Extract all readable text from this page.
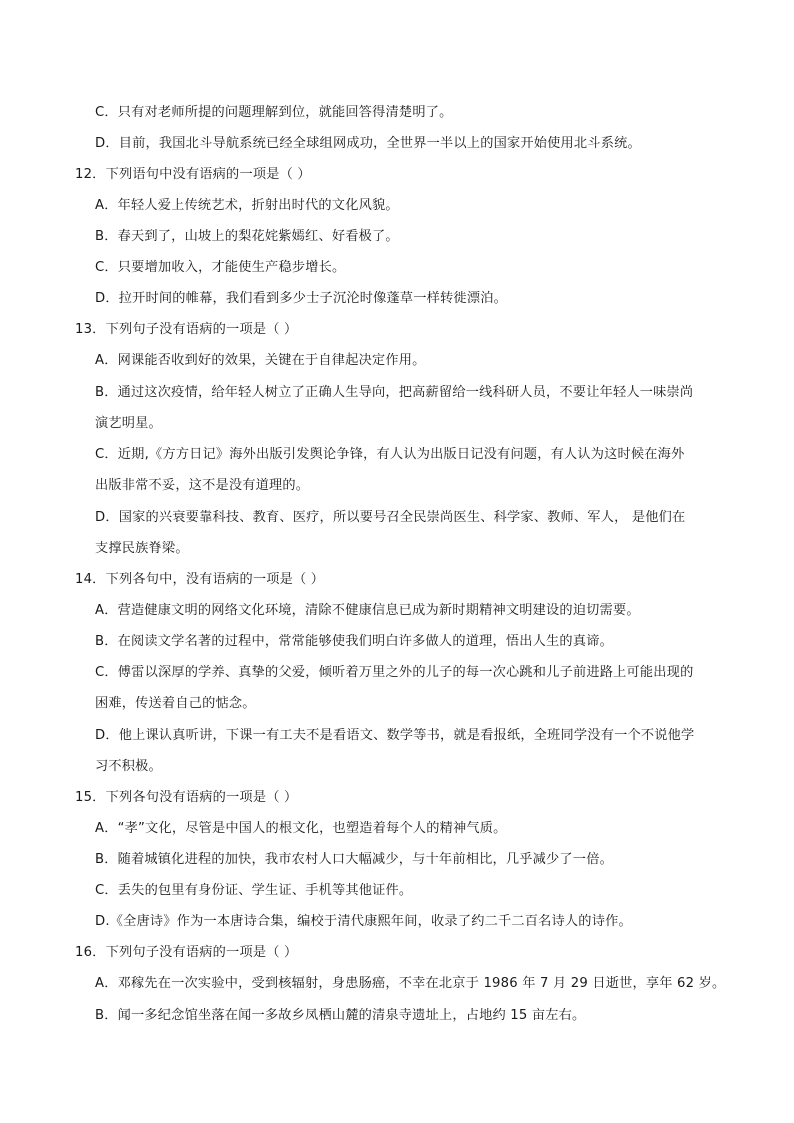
C．只有对老师所提的问题理解到位，就能回答得清楚明了。
D．目前，我国北斗导航系统已经全球组网成功，全世界一半以上的国家开始使用北斗系统。
12．下列语句中没有语病的一项是（ ）
A．年轻人爱上传统艺术，折射出时代的文化风貌。
B．春天到了，山坡上的梨花姹紫嫣红、好看极了。
C．只要增加收入，才能使生产稳步增长。
D．拉开时间的帷幕，我们看到多少士子沉沦时像蓬草一样转徙漂泊。
13．下列句子没有语病的一项是（ ）
A．网课能否收到好的效果，关键在于自律起决定作用。
B．通过这次疫情，给年轻人树立了正确人生导向，把高薪留给一线科研人员，不要让年轻人一味崇尚
演艺明星。
C．近期,《方方日记》海外出版引发舆论争锋，有人认为出版日记没有问题，有人认为这时候在海外
出版非常不妥，这不是没有道理的。
D．国家的兴衰要靠科技、教育、医疗，所以要号召全民崇尚医生、科学家、教师、军人， 是他们在
支撑民族脊梁。
14．下列各句中，没有语病的一项是（ ）
A．营造健康文明的网络文化环境，清除不健康信息已成为新时期精神文明建设的迫切需要。
B．在阅读文学名著的过程中，常常能够使我们明白许多做人的道理，悟出人生的真谛。
C．傅雷以深厚的学养、真挚的父爱，倾听着万里之外的儿子的每一次心跳和儿子前进路上可能出现的
困难，传送着自己的惦念。
D．他上课认真听讲，下课一有工夫不是看语文、数学等书，就是看报纸，全班同学没有一个不说他学
习不积极。
15．下列各句没有语病的一项是（ ）
A．“孝”文化，尽管是中国人的根文化，也塑造着每个人的精神气质。
B．随着城镇化进程的加快，我市农村人口大幅减少，与十年前相比，几乎减少了一倍。
C．丢失的包里有身份证、学生证、手机等其他证件。
D.《全唐诗》作为一本唐诗合集，编校于清代康熙年间，收录了约二千二百名诗人的诗作。
16．下列句子没有语病的一项是（ ）
A．邓稼先在一次实验中，受到核辐射，身患肠癌，不幸在北京于 1986 年 7 月 29 日逝世，享年 62 岁。
B．闻一多纪念馆坐落在闻一多故乡凤栖山麓的清泉寺遗址上，占地约 15 亩左右。
